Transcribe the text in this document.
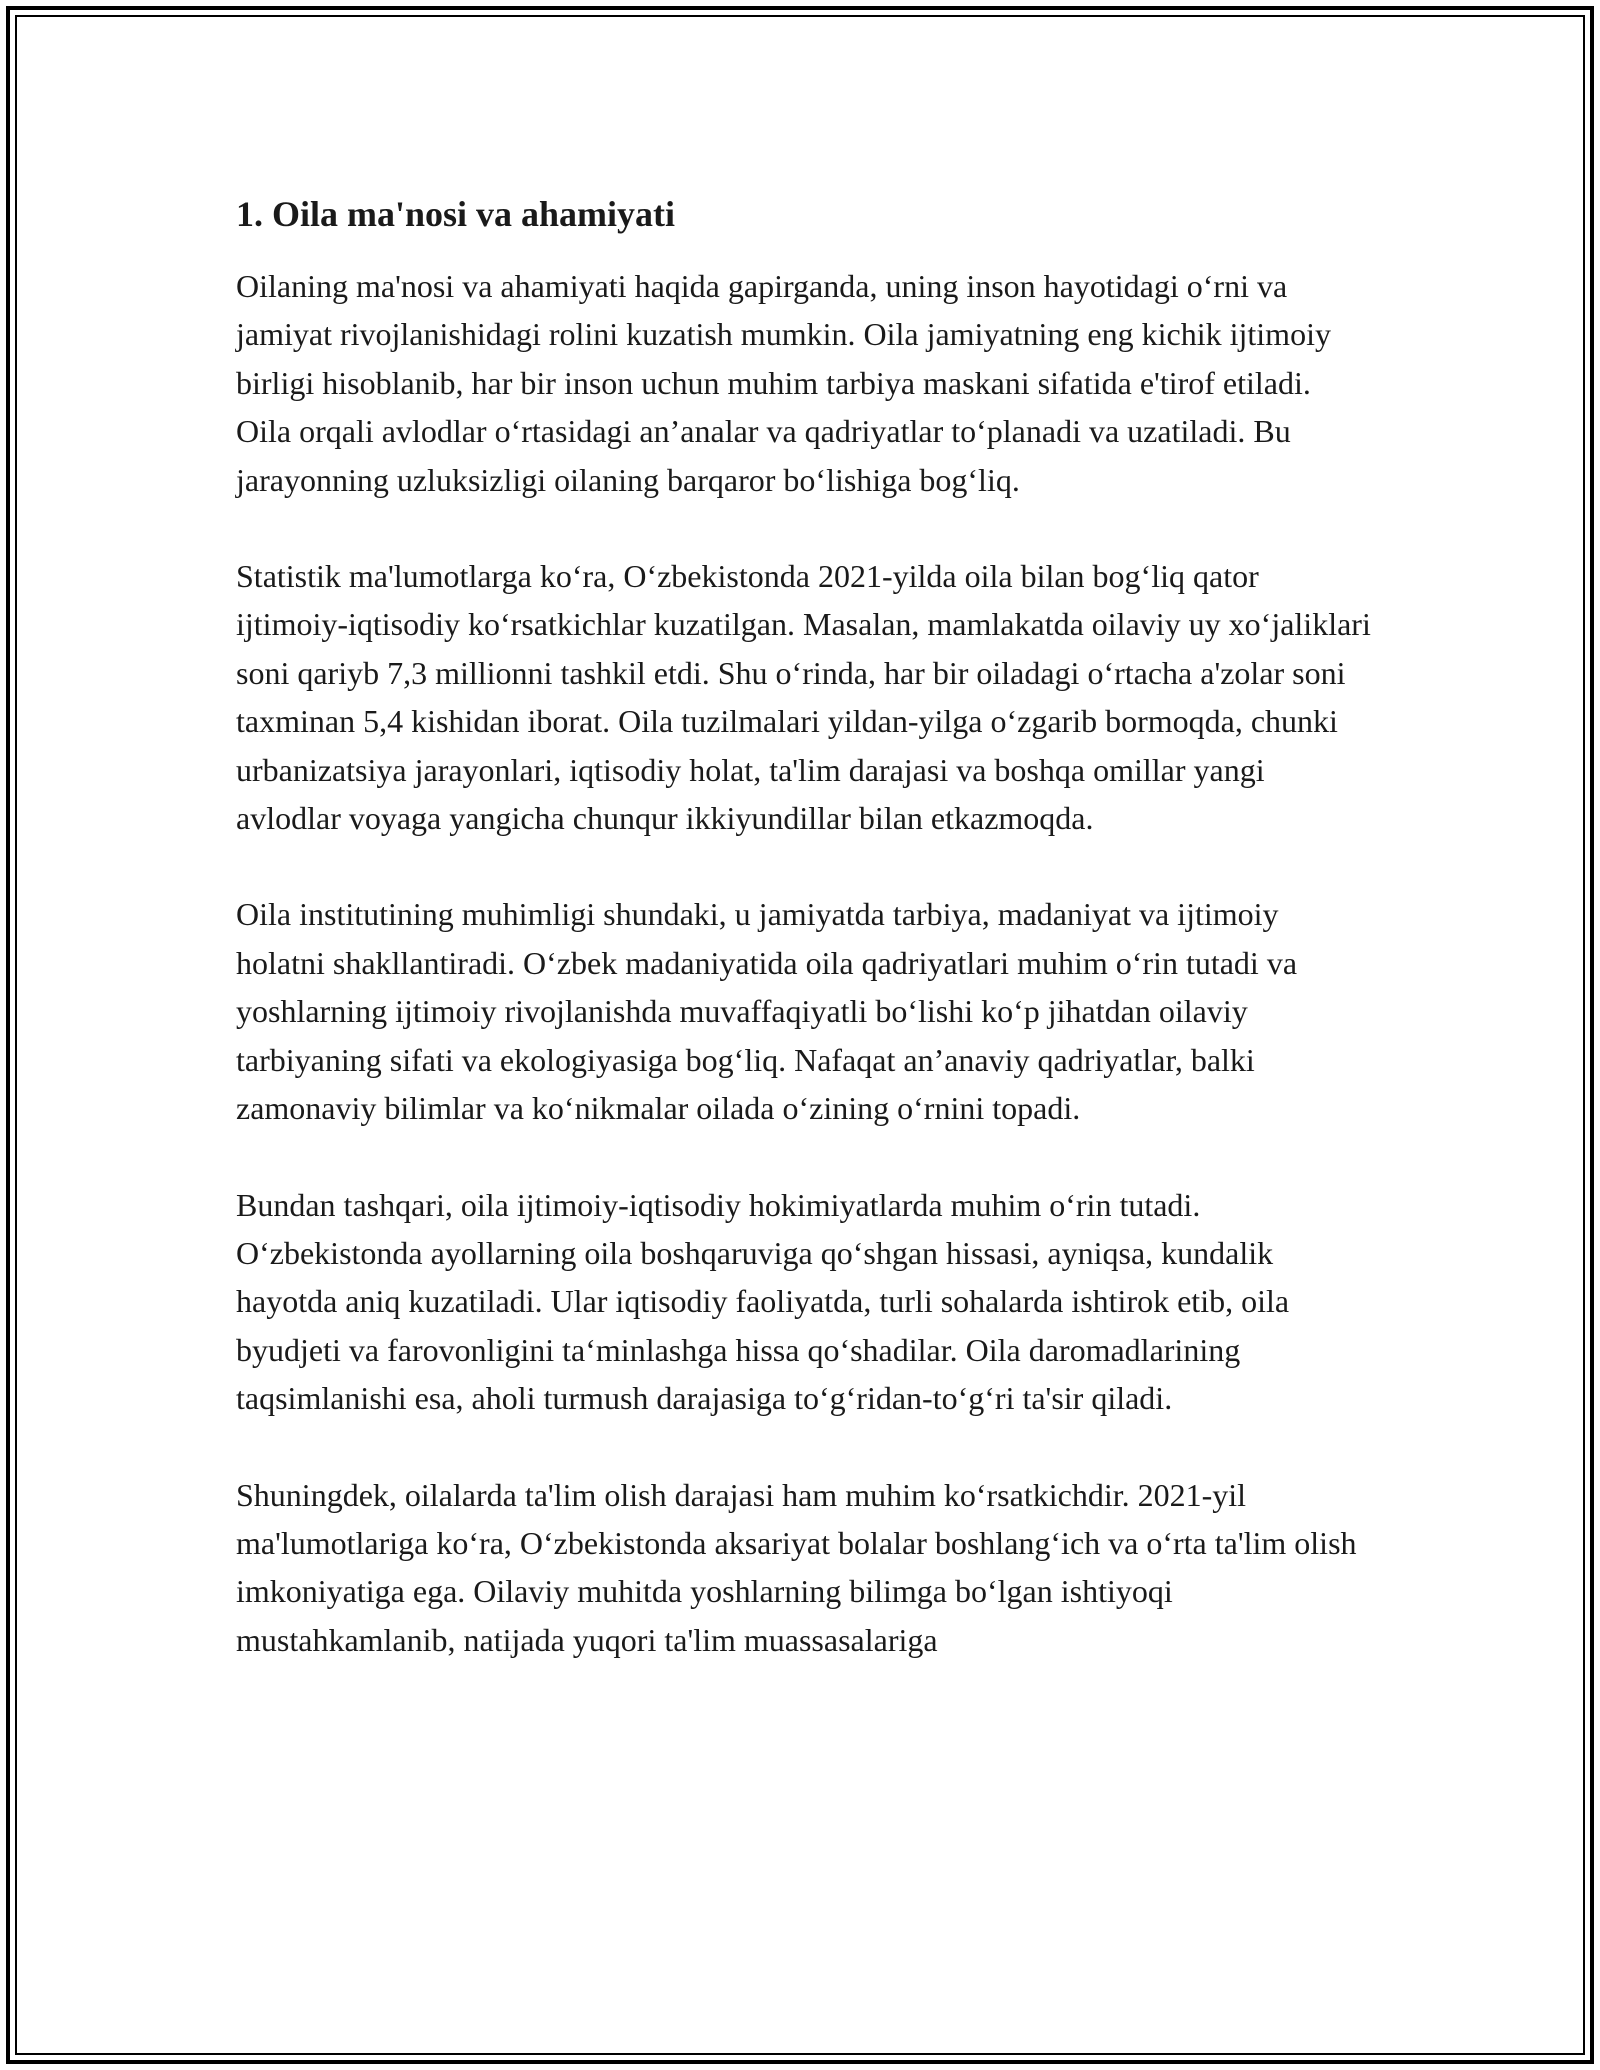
1. Oila ma'nosi va ahamiyati

Oilaning ma'nosi va ahamiyati haqida gapirganda, uning inson hayotidagi o‘rni va jamiyat rivojlanishidagi rolini kuzatish mumkin. Oila jamiyatning eng kichik ijtimoiy birligi hisoblanib, har bir inson uchun muhim tarbiya maskani sifatida e'tirof etiladi. Oila orqali avlodlar o‘rtasidagi an’analar va qadriyatlar to‘planadi va uzatiladi. Bu jarayonning uzluksizligi oilaning barqaror bo‘lishiga bog‘liq.

Statistik ma'lumotlarga ko‘ra, O‘zbekistonda 2021-yilda oila bilan bog‘liq qator ijtimoiy-iqtisodiy ko‘rsatkichlar kuzatilgan. Masalan, mamlakatda oilaviy uy xo‘jaliklari soni qariyb 7,3 millionni tashkil etdi. Shu o‘rinda, har bir oiladagi o‘rtacha a'zolar soni taxminan 5,4 kishidan iborat. Oila tuzilmalari yildan-yilga o‘zgarib bormoqda, chunki urbanizatsiya jarayonlari, iqtisodiy holat, ta'lim darajasi va boshqa omillar yangi avlodlar voyaga yangicha chunqur ikkiyundillar bilan etkazmoqda.

Oila institutining muhimligi shundaki, u jamiyatda tarbiya, madaniyat va ijtimoiy holatni shakllantiradi. O‘zbek madaniyatida oila qadriyatlari muhim o‘rin tutadi va yoshlarning ijtimoiy rivojlanishda muvaffaqiyatli bo‘lishi ko‘p jihatdan oilaviy tarbiyaning sifati va ekologiyasiga bog‘liq. Nafaqat an’anaviy qadriyatlar, balki zamonaviy bilimlar va ko‘nikmalar oilada o‘zining o‘rnini topadi.

Bundan tashqari, oila ijtimoiy-iqtisodiy hokimiyatlarda muhim o‘rin tutadi. O‘zbekistonda ayollarning oila boshqaruviga qo‘shgan hissasi, ayniqsa, kundalik hayotda aniq kuzatiladi. Ular iqtisodiy faoliyatda, turli sohalarda ishtirok etib, oila byudjeti va farovonligini ta‘minlashga hissa qo‘shadilar. Oila daromadlarining taqsimlanishi esa, aholi turmush darajasiga to‘g‘ridan-to‘g‘ri ta'sir qiladi.

Shuningdek, oilalarda ta'lim olish darajasi ham muhim ko‘rsatkichdir. 2021-yil ma'lumotlariga ko‘ra, O‘zbekistonda aksariyat bolalar boshlang‘ich va o‘rta ta'lim olish imkoniyatiga ega. Oilaviy muhitda yoshlarning bilimga bo‘lgan ishtiyoqi mustahkamlanib, natijada yuqori ta'lim muassasalariga
